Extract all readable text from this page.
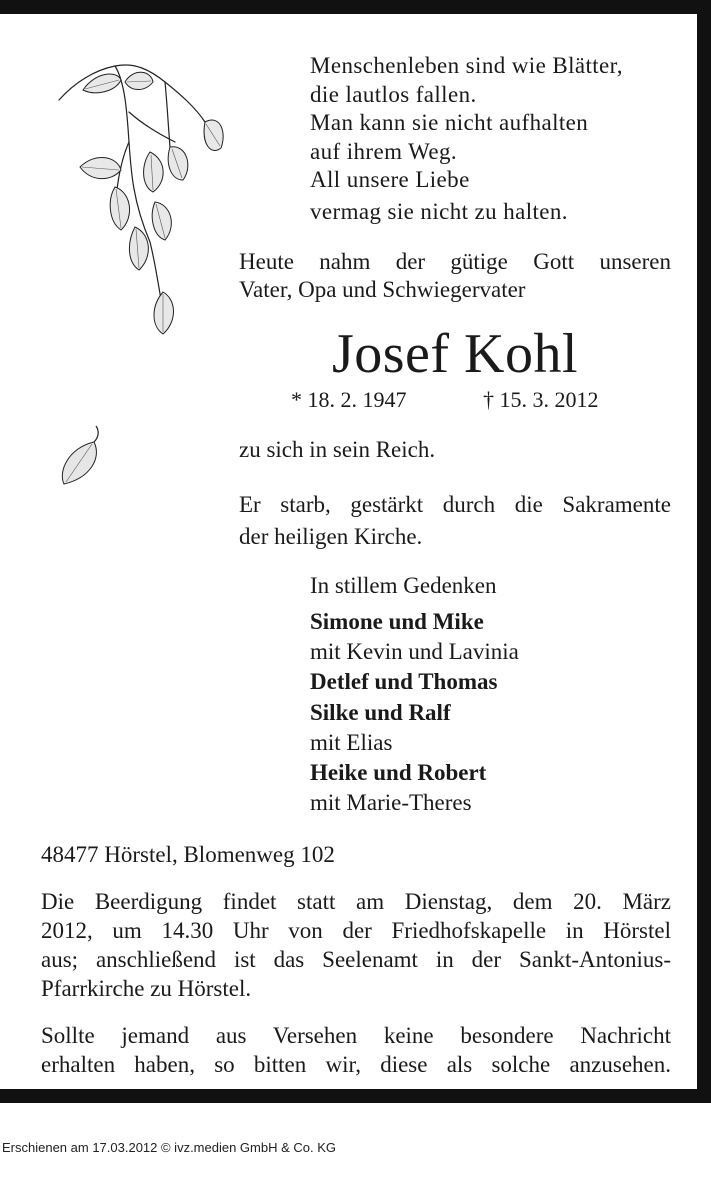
Menschenleben sind wie Blätter,
die lautlos fallen.
Man kann sie nicht aufhalten
auf ihrem Weg.
All unsere Liebe
vermag sie nicht zu halten.
Heute nahm der gütige Gott unseren
Vater, Opa und Schwiegervater
Josef Kohl
* 18. 2. 1947	† 15. 3. 2012
zu sich in sein Reich.
Er starb, gestärkt durch die Sakramente
der heiligen Kirche.
In stillem Gedenken
Simone und Mike
mit Kevin und Lavinia
Detlef und Thomas
Silke und Ralf
mit Elias
Heike und Robert
mit Marie-Theres
48477 Hörstel, Blomenweg 102
Die Beerdigung findet statt am Dienstag, dem 20. März
2012, um 14.30 Uhr von der Friedhofskapelle in Hörstel
aus; anschließend ist das Seelenamt in der Sankt-Antonius-
Pfarrkirche zu Hörstel.
Sollte jemand aus Versehen keine besondere Nachricht
erhalten haben, so bitten wir, diese als solche anzusehen.
Erschienen am 17.03.2012 © ivz.medien GmbH & Co. KG
